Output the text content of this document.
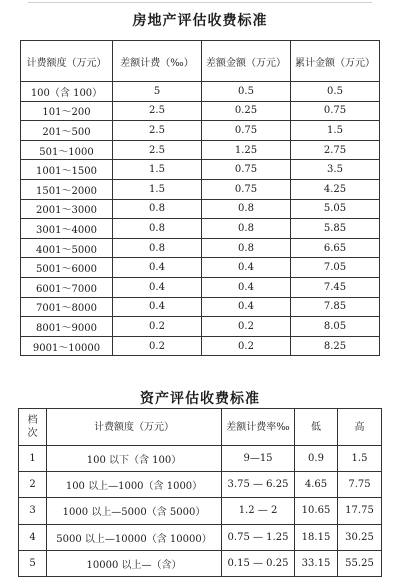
房地产评估收费标准
计费额度（万元）	差额计费（‰）	差额金额（万元）	累计金额（万元）
100（含 100）	5	0.5	0.5
101～200	2.5	0.25	0.75
201～500	2.5	0.75	1.5
501～1000	2.5	1.25	2.75
1001～1500	1.5	0.75	3.5
1501～2000	1.5	0.75	4.25
2001～3000	0.8	0.8	5.05
3001～4000	0.8	0.8	5.85
4001～5000	0.8	0.8	6.65
5001～6000	0.4	0.4	7.05
6001～7000	0.4	0.4	7.45
7001～8000	0.4	0.4	7.85
8001～9000	0.2	0.2	8.05
9001～10000	0.2	0.2	8.25
资产评估收费标准
档次	计费额度（万元）	差额计费率‰	低	高
1	100 以下（含 100）	9—15	0.9	1.5
2	100 以上—1000（含 1000）	3.75 — 6.25	4.65	7.75
3	1000 以上—5000（含 5000）	1.2 — 2	10.65	17.75
4	5000 以上—10000（含 10000）	0.75 — 1.25	18.15	30.25
5	10000 以上—（含）	0.15 — 0.25	33.15	55.25
